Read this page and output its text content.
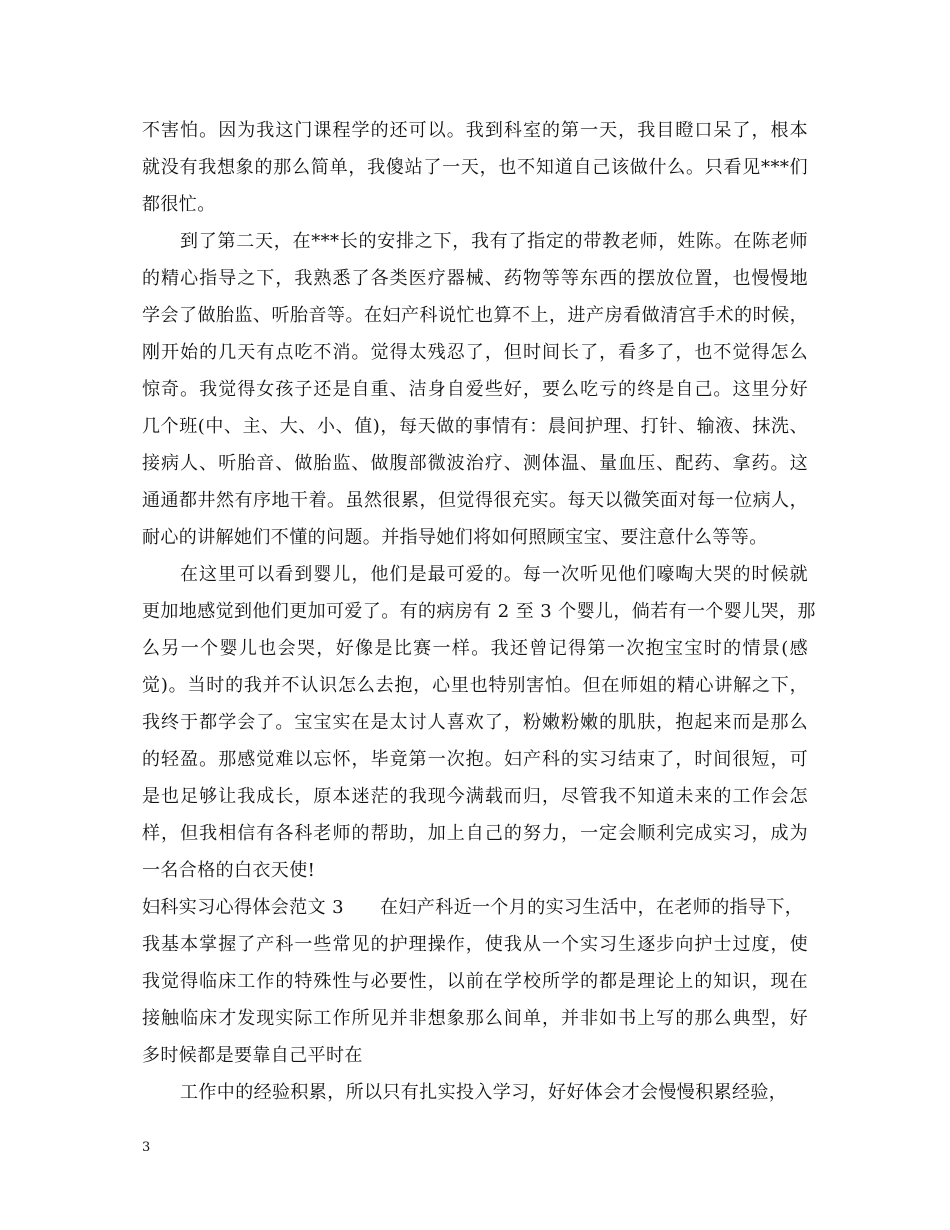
不害怕。因为我这门课程学的还可以。我到科室的第一天，我目瞪口呆了，根本
就没有我想象的那么简单，我傻站了一天，也不知道自己该做什么。只看见***们
都很忙。
到了第二天，在***长的安排之下，我有了指定的带教老师，姓陈。在陈老师
的精心指导之下，我熟悉了各类医疗器械、药物等等东西的摆放位置，也慢慢地
学会了做胎监、听胎音等。在妇产科说忙也算不上，进产房看做清宫手术的时候，
刚开始的几天有点吃不消。觉得太残忍了，但时间长了，看多了，也不觉得怎么
惊奇。我觉得女孩子还是自重、洁身自爱些好，要么吃亏的终是自己。这里分好
几个班(中、主、大、小、值)，每天做的事情有：晨间护理、打针、输液、抹洗、
接病人、听胎音、做胎监、做腹部微波治疗、测体温、量血压、配药、拿药。这
通通都井然有序地干着。虽然很累，但觉得很充实。每天以微笑面对每一位病人，
耐心的讲解她们不懂的问题。并指导她们将如何照顾宝宝、要注意什么等等。
在这里可以看到婴儿，他们是最可爱的。每一次听见他们嚎啕大哭的时候就
更加地感觉到他们更加可爱了。有的病房有 2 至 3 个婴儿，倘若有一个婴儿哭，那
么另一个婴儿也会哭，好像是比赛一样。我还曾记得第一次抱宝宝时的情景(感
觉)。当时的我并不认识怎么去抱，心里也特别害怕。但在师姐的精心讲解之下，
我终于都学会了。宝宝实在是太讨人喜欢了，粉嫩粉嫩的肌肤，抱起来而是那么
的轻盈。那感觉难以忘怀，毕竟第一次抱。妇产科的实习结束了，时间很短，可
是也足够让我成长，原本迷茫的我现今满载而归，尽管我不知道未来的工作会怎
样，但我相信有各科老师的帮助，加上自己的努力，一定会顺利完成实习，成为
一名合格的白衣天使!
妇科实习心得体会范文 3 在妇产科近一个月的实习生活中，在老师的指导下，
我基本掌握了产科一些常见的护理操作，使我从一个实习生逐步向护士过度，使
我觉得临床工作的特殊性与必要性，以前在学校所学的都是理论上的知识，现在
接触临床才发现实际工作所见并非想象那么间单，并非如书上写的那么典型，好
多时候都是要靠自己平时在
工作中的经验积累，所以只有扎实投入学习，好好体会才会慢慢积累经验，
3
